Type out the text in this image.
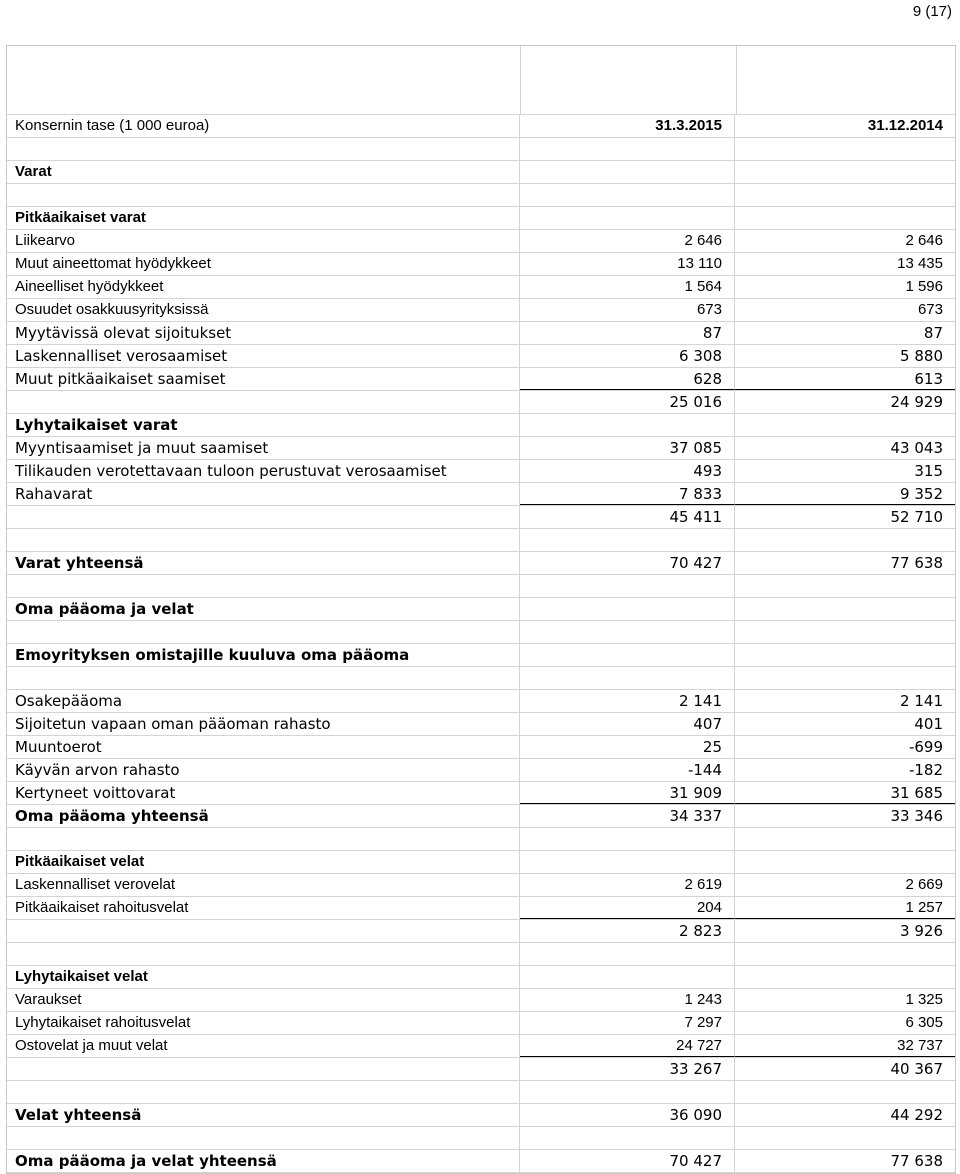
9 (17)
Konsernin tase (1 000 euroa)	31.3.2015	31.12.2014
Varat
Pitkäaikaiset varat
Liikearvo	2 646	2 646
Muut aineettomat hyödykkeet	13 110	13 435
Aineelliset hyödykkeet	1 564	1 596
Osuudet osakkuusyrityksissä	673	673
Myytävissä olevat sijoitukset	87	87
Laskennalliset verosaamiset	6 308	5 880
Muut pitkäaikaiset saamiset	628	613
25 016	24 929
Lyhytaikaiset varat
Myyntisaamiset ja muut saamiset	37 085	43 043
Tilikauden verotettavaan tuloon perustuvat verosaamiset	493	315
Rahavarat	7 833	9 352
45 411	52 710
Varat yhteensä	70 427	77 638
Oma pääoma ja velat
Emoyrityksen omistajille kuuluva oma pääoma
Osakepääoma	2 141	2 141
Sijoitetun vapaan oman pääoman rahasto	407	401
Muuntoerot	25	-699
Käyvän arvon rahasto	-144	-182
Kertyneet voittovarat	31 909	31 685
Oma pääoma yhteensä	34 337	33 346
Pitkäaikaiset velat
Laskennalliset verovelat	2 619	2 669
Pitkäaikaiset rahoitusvelat	204	1 257
2 823	3 926
Lyhytaikaiset velat
Varaukset	1 243	1 325
Lyhytaikaiset rahoitusvelat	7 297	6 305
Ostovelat ja muut velat	24 727	32 737
33 267	40 367
Velat yhteensä	36 090	44 292
Oma pääoma ja velat yhteensä	70 427	77 638
